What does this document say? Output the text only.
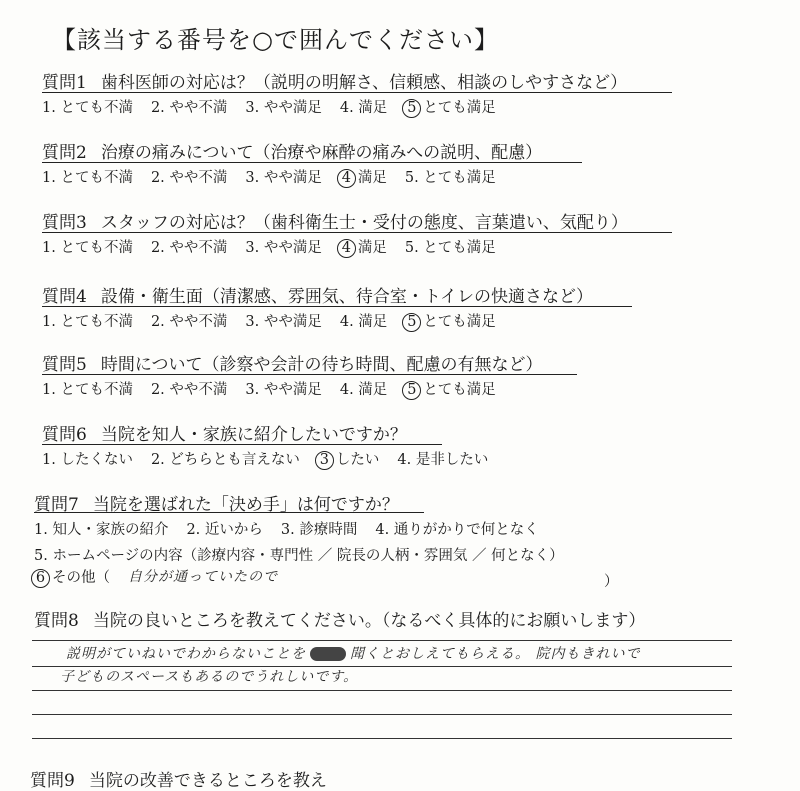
【該当する番号を○で囲んでください】
質問1 歯科医師の対応は？（説明の明解さ、信頼感、相談のしやすさなど）
1. とても不満 2. やや不満 3. やや満足 4. 満足 5 とても満足
質問2 治療の痛みについて（治療や麻酔の痛みへの説明、配慮）
1. とても不満 2. やや不満 3. やや満足 4 満足 5. とても満足
質問3 スタッフの対応は？（歯科衛生士・受付の態度、言葉遣い、気配り）
1. とても不満 2. やや不満 3. やや満足 4 満足 5. とても満足
質問4 設備・衛生面（清潔感、雰囲気、待合室・トイレの快適さなど）
1. とても不満 2. やや不満 3. やや満足 4. 満足 5 とても満足
質問5 時間について（診察や会計の待ち時間、配慮の有無など）
1. とても不満 2. やや不満 3. やや満足 4. 満足 5 とても満足
質問6 当院を知人・家族に紹介したいですか？
1. したくない 2. どちらとも言えない 3 したい 4. 是非したい
質問7 当院を選ばれた「決め手」は何ですか？
1. 知人・家族の紹介 2. 近いから 3. 診療時間 4. 通りがかりで何となく
5. ホームページの内容（診療内容・専門性 ／ 院長の人柄・雰囲気 ／ 何となく）
6 その他（ 自分が通っていたので	）
質問8 当院の良いところを教えてください。（なるべく具体的にお願いします）
説明がていねいでわからないことを	聞くとおしえてもらえる。 院内もきれいで
子どものスペースもあるのでうれしいです。
質問9 当院の改善できるところを教え
